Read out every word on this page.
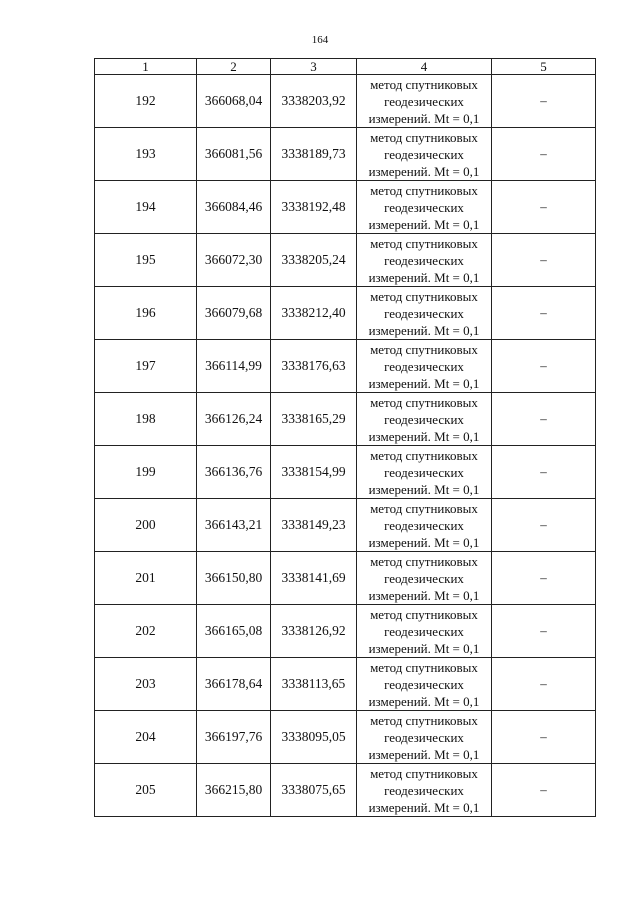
164
1	2	3	4	5
192	366068,04	3338203,92	метод спутниковых
геодезических
измерений. Mt = 0,1	–
193	366081,56	3338189,73	метод спутниковых
геодезических
измерений. Mt = 0,1	–
194	366084,46	3338192,48	метод спутниковых
геодезических
измерений. Mt = 0,1	–
195	366072,30	3338205,24	метод спутниковых
геодезических
измерений. Mt = 0,1	–
196	366079,68	3338212,40	метод спутниковых
геодезических
измерений. Mt = 0,1	–
197	366114,99	3338176,63	метод спутниковых
геодезических
измерений. Mt = 0,1	–
198	366126,24	3338165,29	метод спутниковых
геодезических
измерений. Mt = 0,1	–
199	366136,76	3338154,99	метод спутниковых
геодезических
измерений. Mt = 0,1	–
200	366143,21	3338149,23	метод спутниковых
геодезических
измерений. Mt = 0,1	–
201	366150,80	3338141,69	метод спутниковых
геодезических
измерений. Mt = 0,1	–
202	366165,08	3338126,92	метод спутниковых
геодезических
измерений. Mt = 0,1	–
203	366178,64	3338113,65	метод спутниковых
геодезических
измерений. Mt = 0,1	–
204	366197,76	3338095,05	метод спутниковых
геодезических
измерений. Mt = 0,1	–
205	366215,80	3338075,65	метод спутниковых
геодезических
измерений. Mt = 0,1	–
